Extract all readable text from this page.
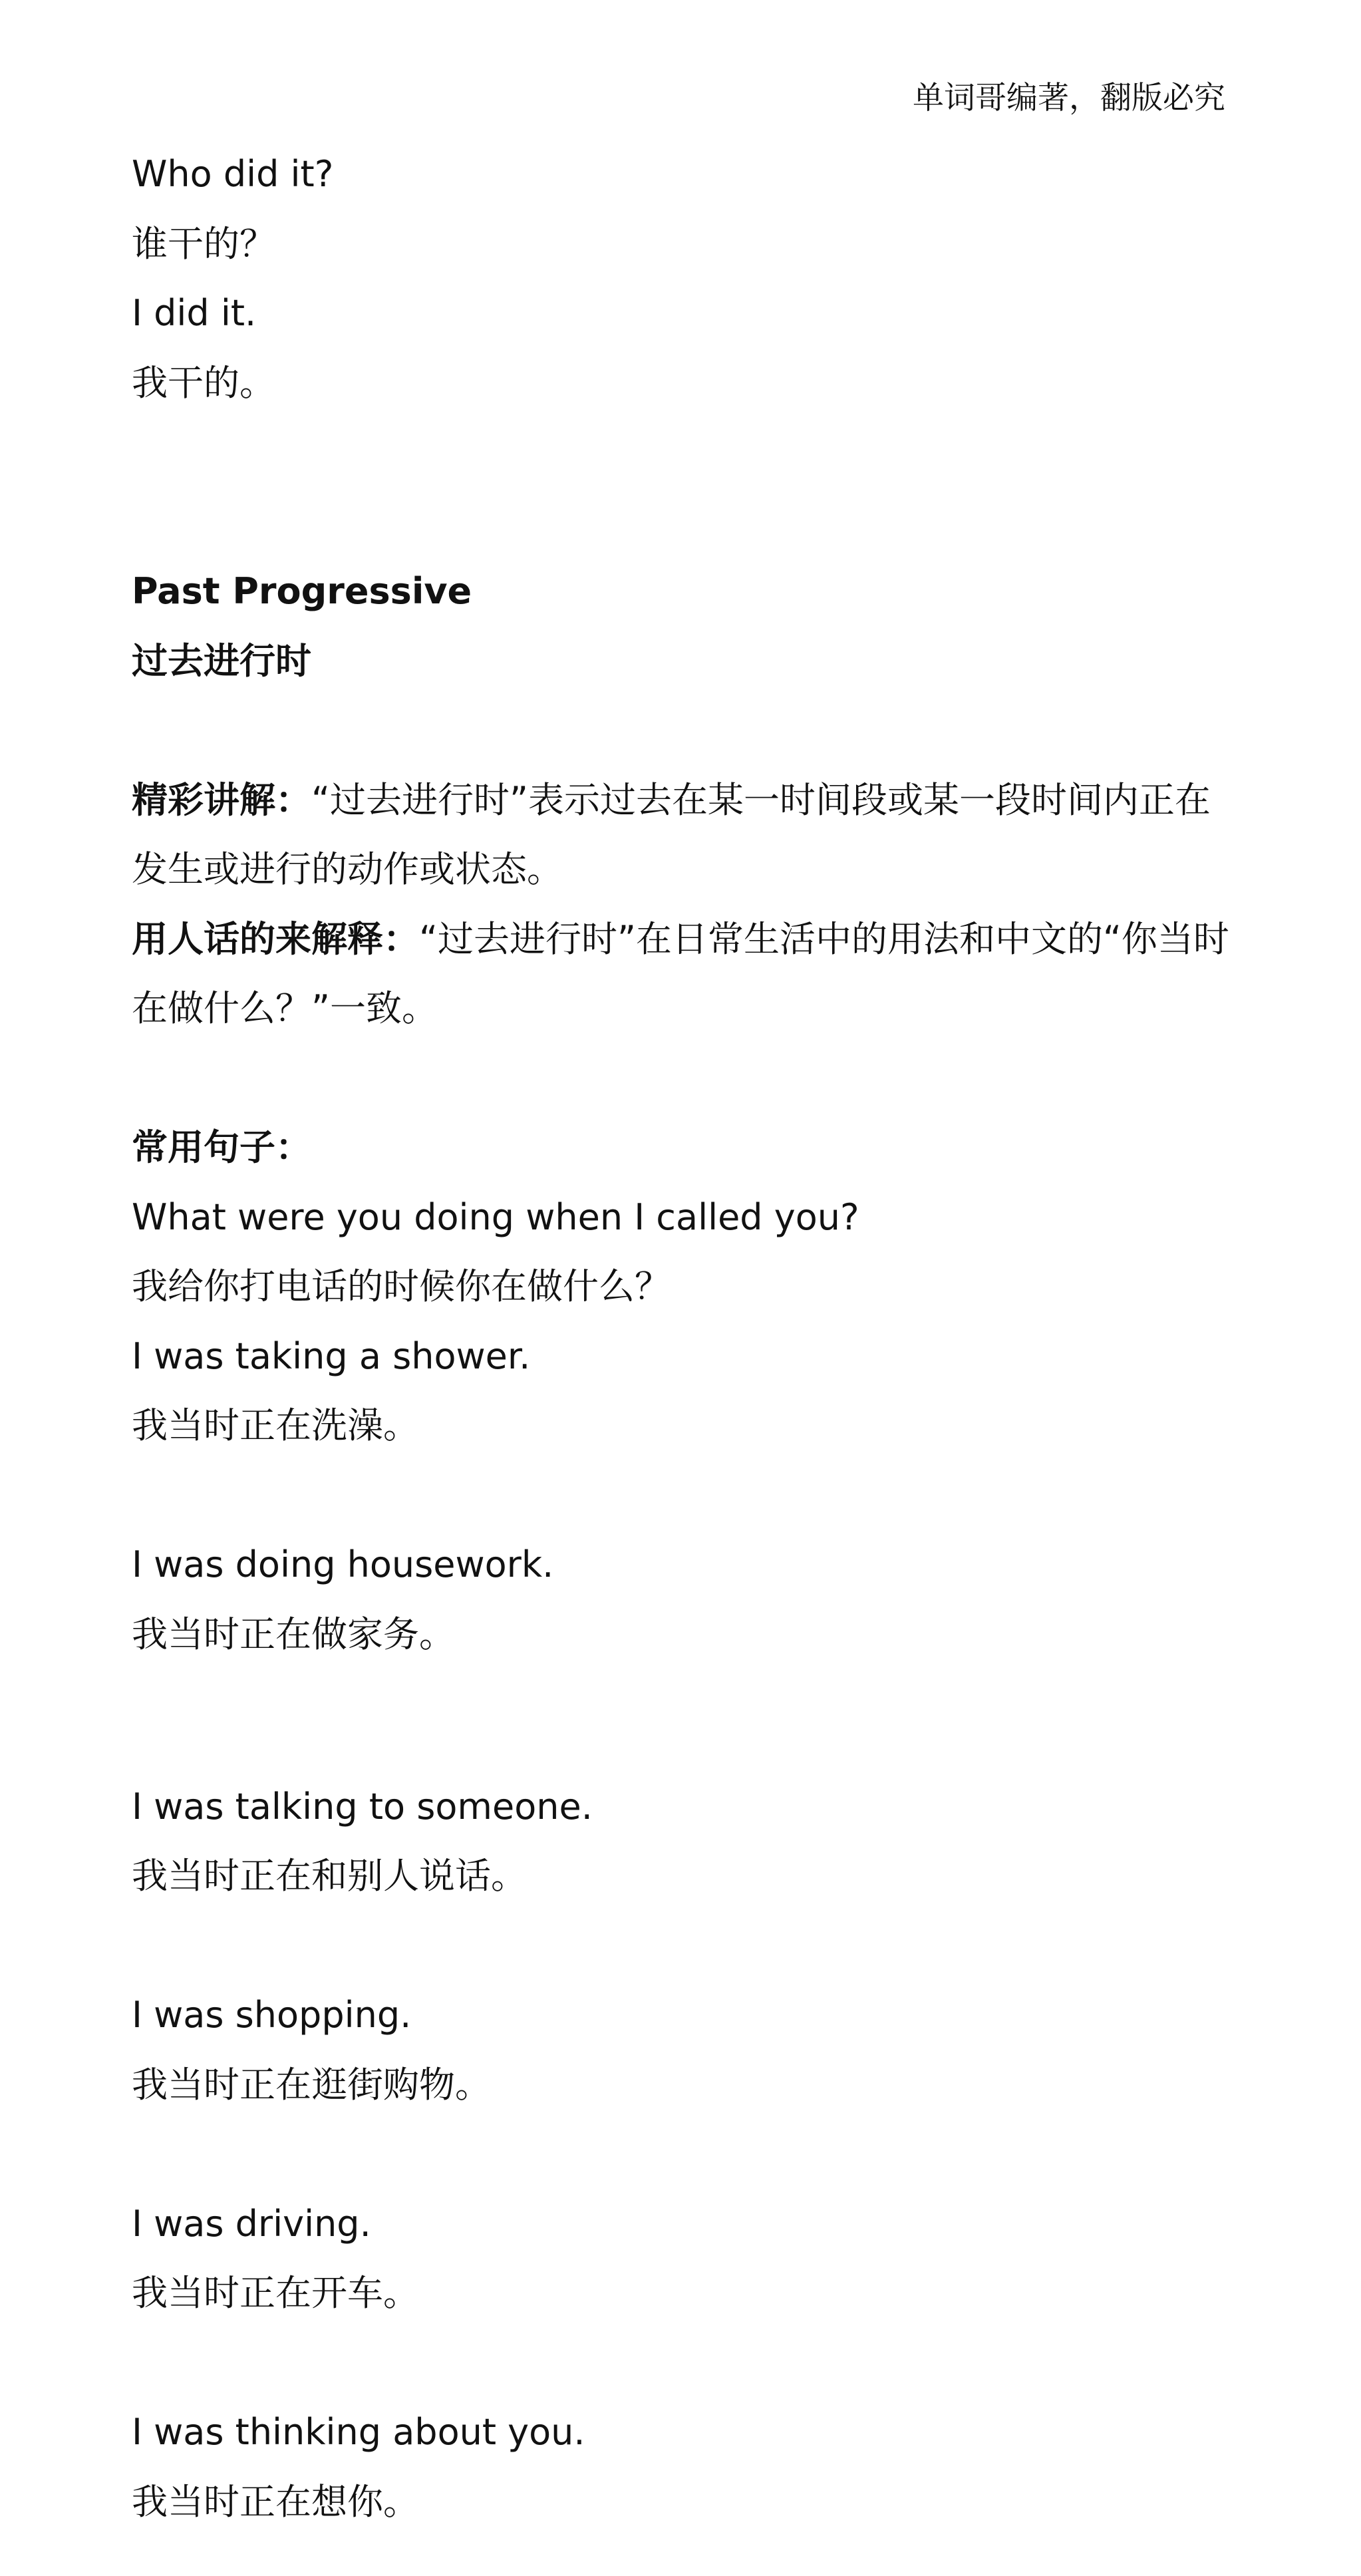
单词哥编著，翻版必究
Who did it?
谁干的？
I did it.
我干的。
Past Progressive
过去进行时
精彩讲解：“过去进行时”表示过去在某一时间段或某一段时间内正在发生或进行的动作或状态。
用人话的来解释：“过去进行时”在日常生活中的用法和中文的“你当时在做什么？”一致。
常用句子：
What were you doing when I called you?
我给你打电话的时候你在做什么？
I was taking a shower.
我当时正在洗澡。
I was doing housework.
我当时正在做家务。
I was talking to someone.
我当时正在和别人说话。
I was shopping.
我当时正在逛街购物。
I was driving.
我当时正在开车。
I was thinking about you.
我当时正在想你。
